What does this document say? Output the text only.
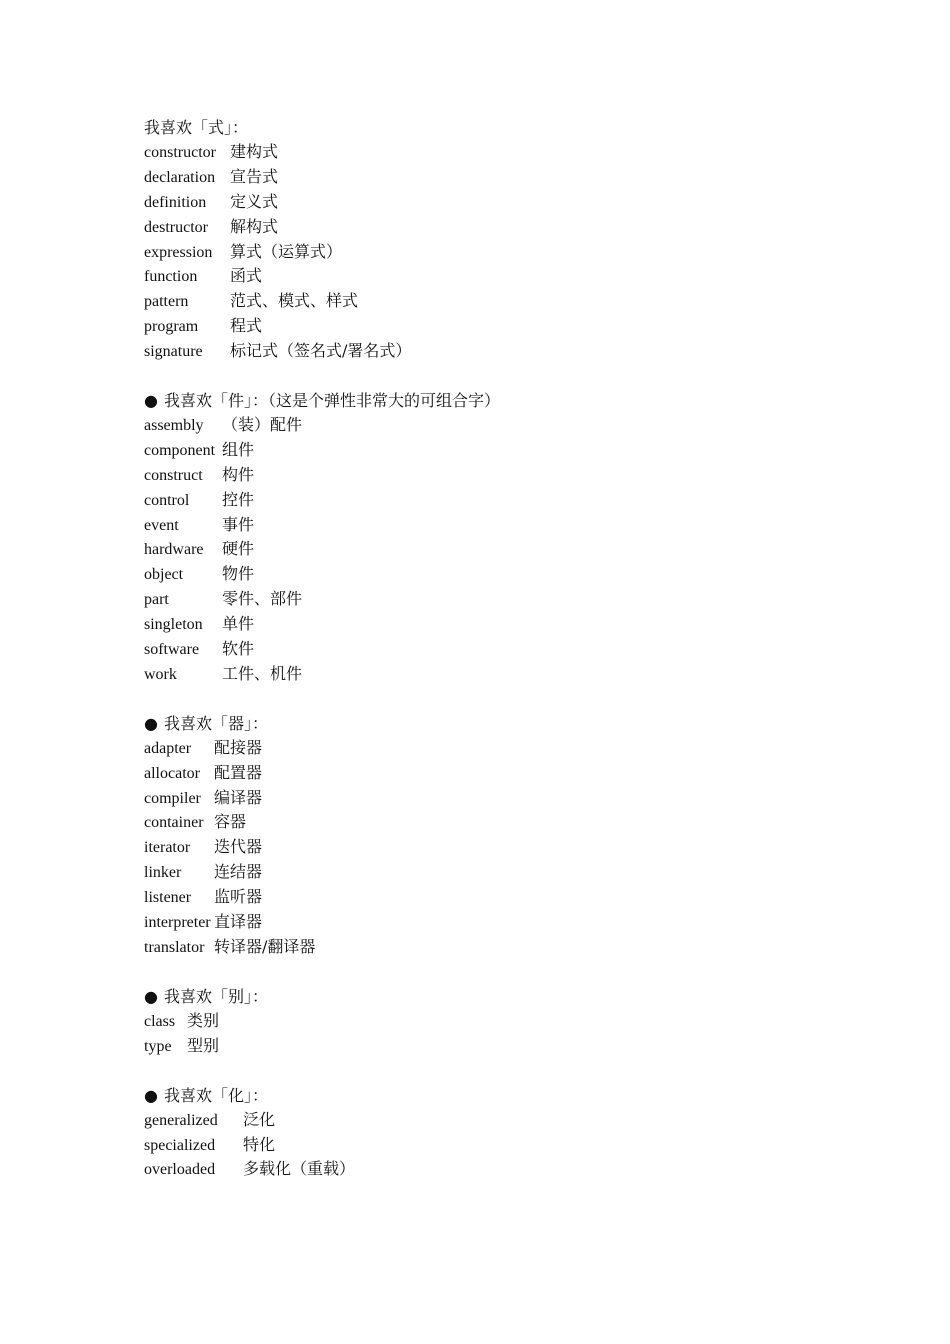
我喜欢「式」：
constructor 建构式
declaration 宣告式
definition 定义式
destructor 解构式
expression 算式（运算式）
function 函式
pattern	范式、模式、样式
program 程式
signature 标记式（签名式/署名式）
● 我喜欢「件」：（这是个弹性非常大的可组合字）
assembly （装）配件
component 组件
construct 构件
control 控件
event	事件
hardware 硬件
object 物件
part	零件、部件
singleton 单件
software 软件
work	工件、机件
● 我喜欢「器」：
adapter 配接器
allocator 配置器
compiler 编译器
container 容器
iterator 迭代器
linker 连结器
listener 监听器
interpreter 直译器
translator 转译器/翻译器
● 我喜欢「别」：
class 类别
type 型别
● 我喜欢「化」：
generalized 泛化
specialized 特化
overloaded 多载化（重载）
